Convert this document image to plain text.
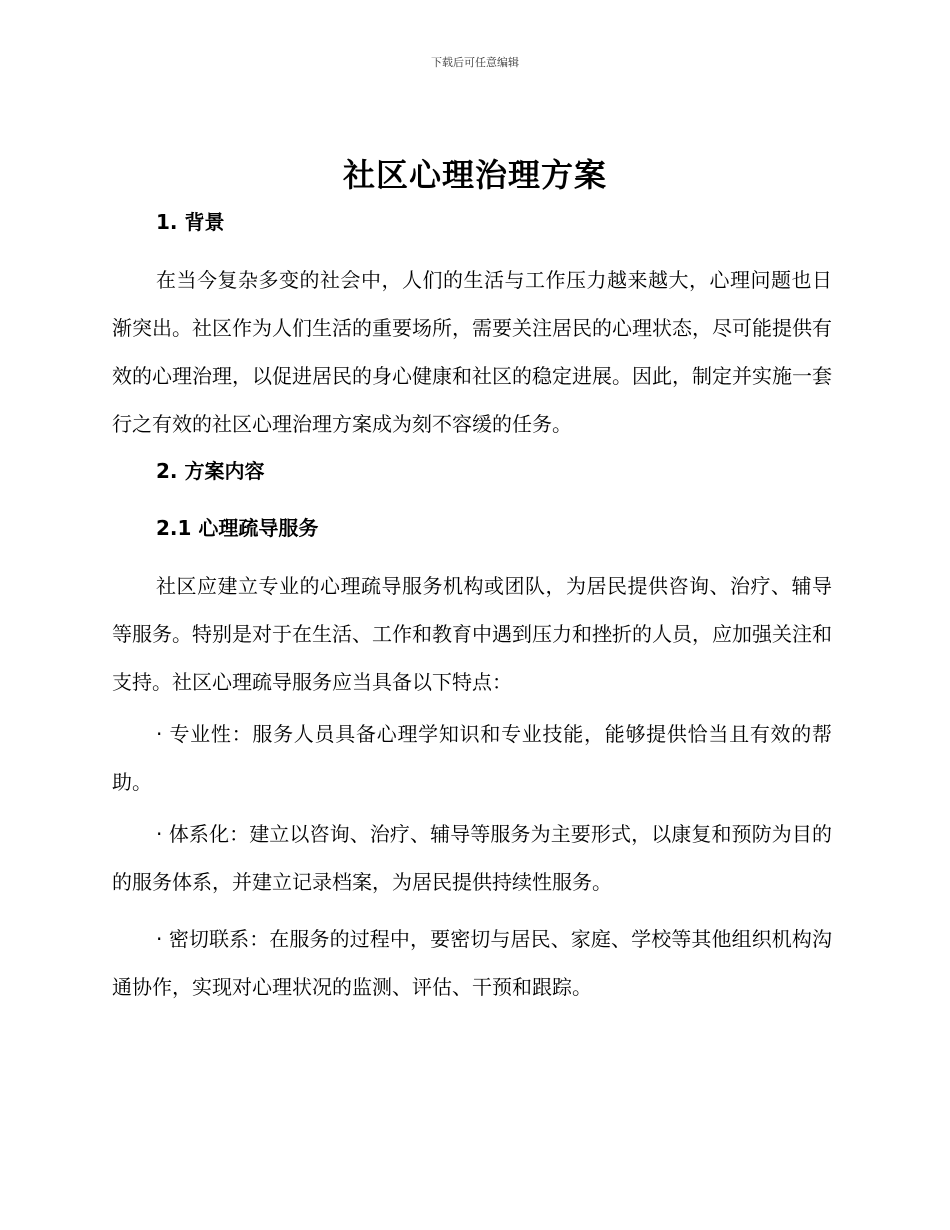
下载后可任意编辑
社区心理治理方案
1. 背景

在当今复杂多变的社会中，人们的生活与工作压力越来越大，心理问题也日渐突出。社区作为人们生活的重要场所，需要关注居民的心理状态，尽可能提供有效的心理治理，以促进居民的身心健康和社区的稳定进展。因此，制定并实施一套行之有效的社区心理治理方案成为刻不容缓的任务。

2. 方案内容
2.1 心理疏导服务

社区应建立专业的心理疏导服务机构或团队，为居民提供咨询、治疗、辅导等服务。特别是对于在生活、工作和教育中遇到压力和挫折的人员，应加强关注和支持。社区心理疏导服务应当具备以下特点：

· 专业性：服务人员具备心理学知识和专业技能，能够提供恰当且有效的帮助。

· 体系化：建立以咨询、治疗、辅导等服务为主要形式，以康复和预防为目的的服务体系，并建立记录档案，为居民提供持续性服务。

· 密切联系：在服务的过程中，要密切与居民、家庭、学校等其他组织机构沟通协作，实现对心理状况的监测、评估、干预和跟踪。
